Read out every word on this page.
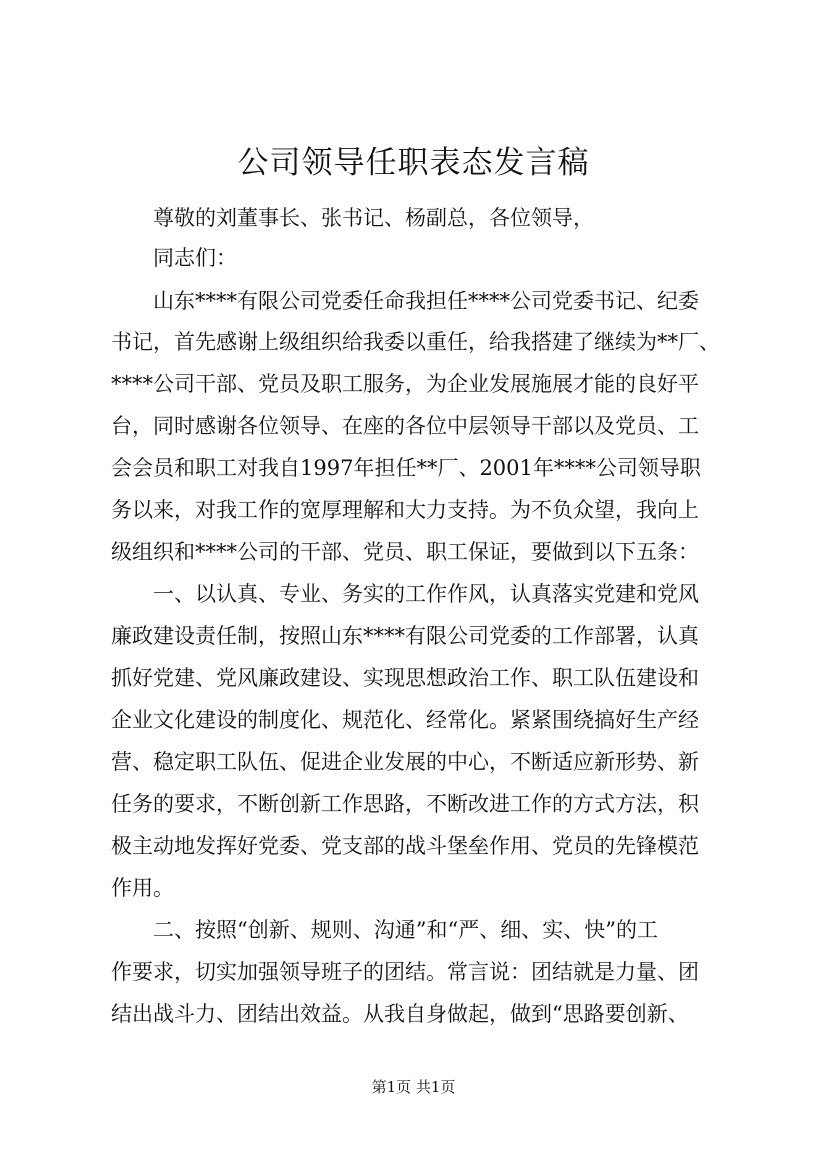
公司领导任职表态发言稿
尊敬的刘董事长、张书记、杨副总，各位领导，
同志们：
山东****有限公司党委任命我担任****公司党委书记、纪委
书记，首先感谢上级组织给我委以重任，给我搭建了继续为**厂、
****公司干部、党员及职工服务，为企业发展施展才能的良好平
台，同时感谢各位领导、在座的各位中层领导干部以及党员、工
会会员和职工对我自1997年担任**厂、2001年****公司领导职
务以来，对我工作的宽厚理解和大力支持。为不负众望，我向上
级组织和****公司的干部、党员、职工保证，要做到以下五条：
一、以认真、专业、务实的工作作风，认真落实党建和党风
廉政建设责任制，按照山东****有限公司党委的工作部署，认真
抓好党建、党风廉政建设、实现思想政治工作、职工队伍建设和
企业文化建设的制度化、规范化、经常化。紧紧围绕搞好生产经
营、稳定职工队伍、促进企业发展的中心，不断适应新形势、新
任务的要求，不断创新工作思路，不断改进工作的方式方法，积
极主动地发挥好党委、党支部的战斗堡垒作用、党员的先锋模范
作用。
二、按照“创新、规则、沟通”和“严、细、实、快”的工
作要求，切实加强领导班子的团结。常言说：团结就是力量、团
结出战斗力、团结出效益。从我自身做起，做到“思路要创新、
第1页 共1页
